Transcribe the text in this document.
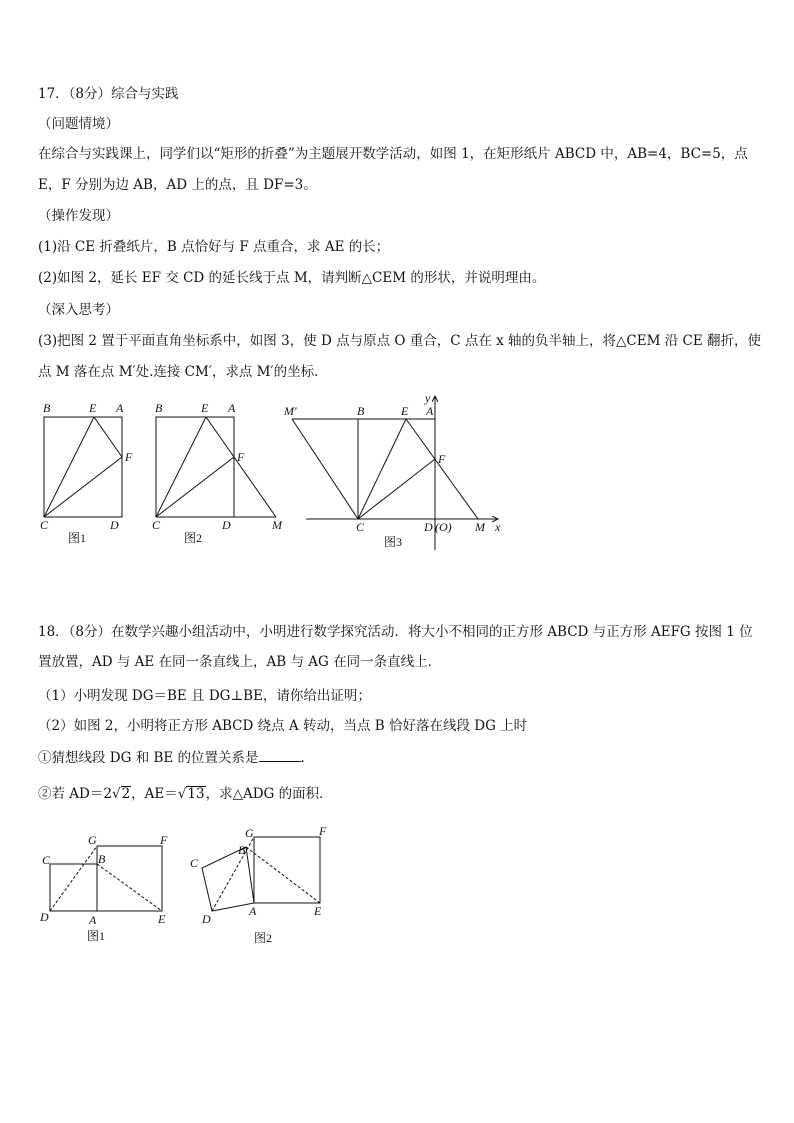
17．（8分）综合与实践
（问题情境）
在综合与实践课上，同学们以“矩形的折叠”为主题展开数学活动，如图 1，在矩形纸片 ABCD 中，AB=4，BC=5，点
E，F 分别为边 AB，AD 上的点，且 DF=3。
（操作发现）
(1)沿 CE 折叠纸片，B 点恰好与 F 点重合，求 AE 的长；
(2)如图 2，延长 EF 交 CD 的延长线于点 M，请判断△CEM 的形状，并说明理由。
（深入思考）
(3)把图 2 置于平面直角坐标系中，如图 3，使 D 点与原点 O 重合，C 点在 x 轴的负半轴上，将△CEM 沿 CE 翻折，使
点 M 落在点 M′处.连接 CM′，求点 M′的坐标.
B	E A
F
C	D
图1
B	E A
F
C	D	M
图2
M′	B	E A
y
F
C	D (O) M x
图3
18．（8分）在数学兴趣小组活动中，小明进行数学探究活动．将大小不相同的正方形 ABCD 与正方形 AEFG 按图 1 位
置放置，AD 与 AE 在同一条直线上，AB 与 AG 在同一条直线上．
（1）小明发现 DG＝BE 且 DG⊥BE，请你给出证明；
（2）如图 2，小明将正方形 ABCD 绕点 A 转动，当点 B 恰好落在线段 DG 上时
①猜想线段 DG 和 BE 的位置关系是	．
②若 AD＝2√2，AE＝√13，求△ADG 的面积．
G	F
C	B
D	A	E
图1
G	F
C
B
D
A	E
图2
